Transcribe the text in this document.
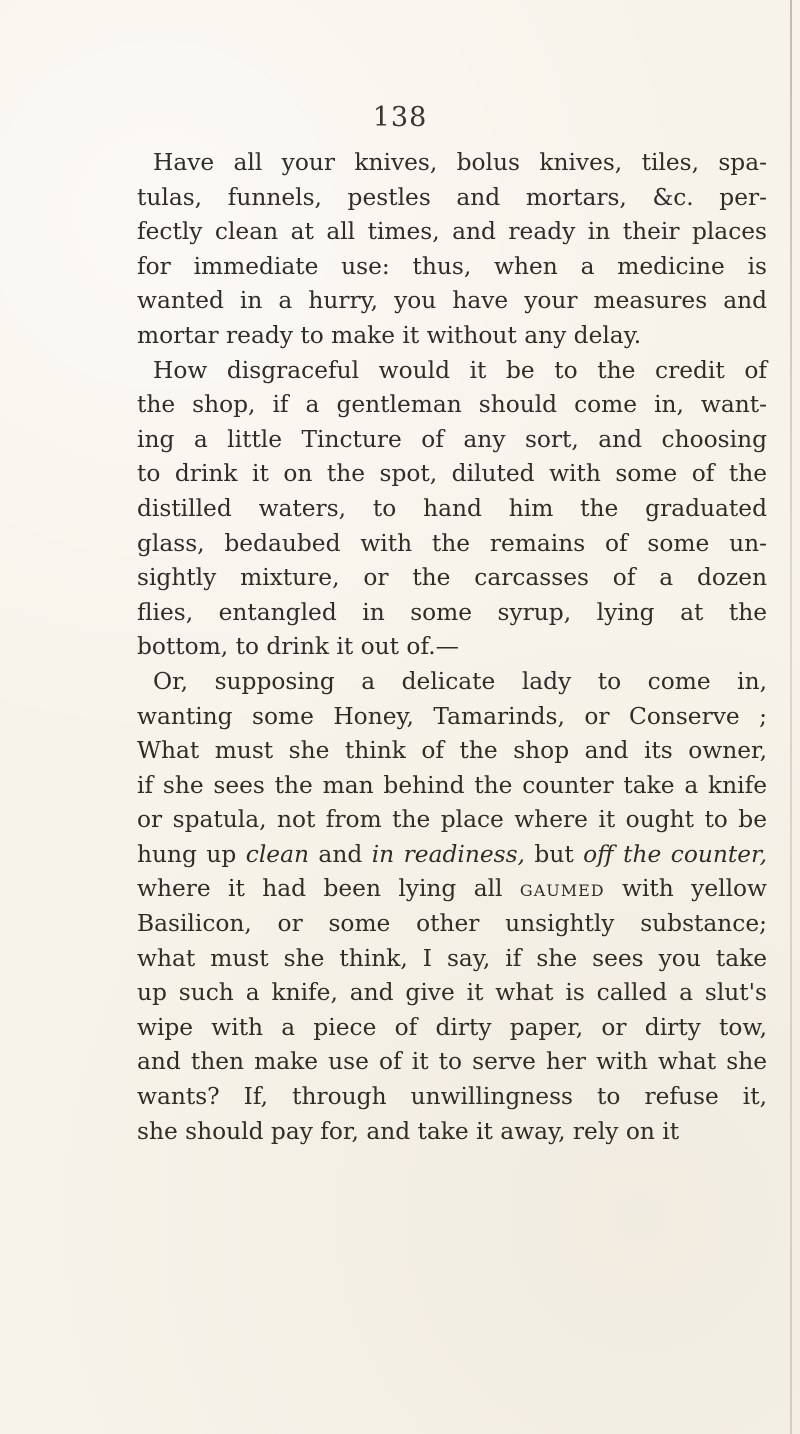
138
Have all your knives, bolus knives, tiles, spa-
tulas, funnels, pestles and mortars, &c. per-
fectly clean at all times, and ready in their places
for immediate use: thus, when a medicine is
wanted in a hurry, you have your measures and
mortar ready to make it without any delay.
How disgraceful would it be to the credit of
the shop, if a gentleman should come in, want-
ing a little Tincture of any sort, and choosing
to drink it on the spot, diluted with some of the
distilled waters, to hand him the graduated
glass, bedaubed with the remains of some un-
sightly mixture, or the carcasses of a dozen
flies, entangled in some syrup, lying at the
bottom, to drink it out of.—
Or, supposing a delicate lady to come in,
wanting some Honey, Tamarinds, or Conserve ;
What must she think of the shop and its owner,
if she sees the man behind the counter take a knife
or spatula, not from the place where it ought to be
hung up clean and in readiness, but off the counter,
where it had been lying all gaumed with yellow
Basilicon, or some other unsightly substance;
what must she think, I say, if she sees you take
up such a knife, and give it what is called a slut's
wipe with a piece of dirty paper, or dirty tow,
and then make use of it to serve her with what she
wants? If, through unwillingness to refuse it,
she should pay for, and take it away, rely on it
